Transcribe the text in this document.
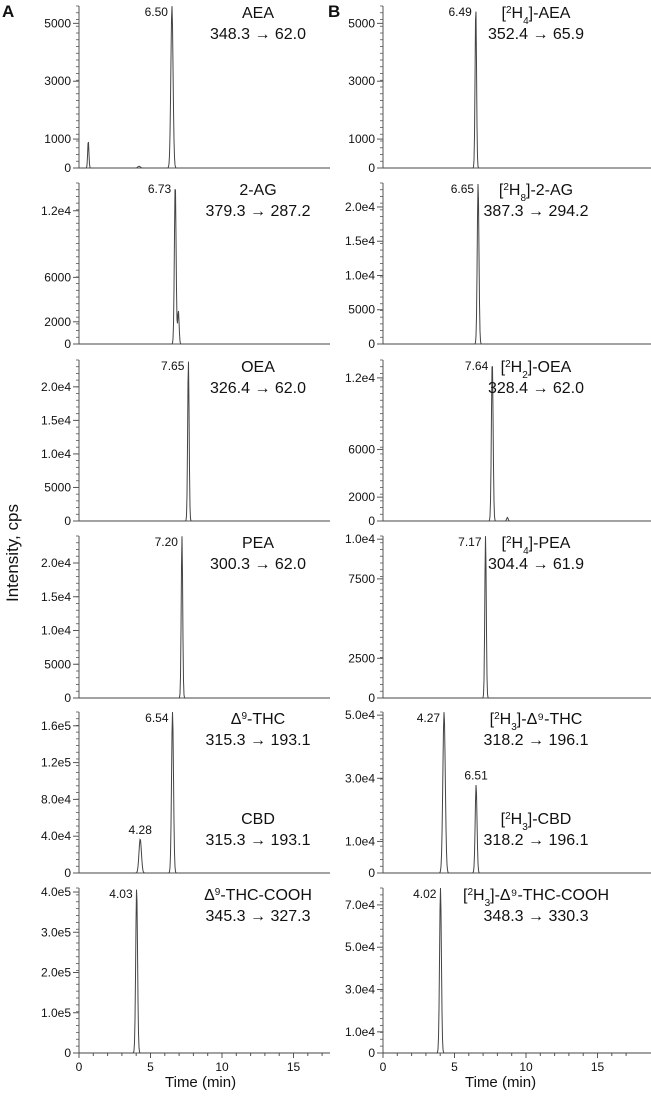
A	B
Intensity, cps
Time (min)	Time (min)
0
1000
3000
5000
6.50	AEA
348.3 → 62.0
0
1000
3000
5000
6.49 $[^2H_4]$-AEA
352.4 → 65.9
0
2000
6000
1.2e4
6.73	2-AG
379.3 → 287.2
0
5000
1.0e4
1.5e4
2.0e4
6.65 $[^2H_8]-2-AG$
387.3 → 294.2
0
5000
1.0e4
1.5e4
2.0e4
7.65	OEA
326.4 → 62.0
0
2000
6000
1.2e4
7.64 $[^2H_2]$-OEA
328.4 → 62.0
0
5000
1.0e4
1.5e4
2.0e4
7.20	PEA
300.3 → 62.0
0
2500
7500
1.0e4	7.17 $[^2H_4]$-PEA
304.4 → 61.9
0
4.0e4
8.0e4
1.2e5
1.6e5
6.54
4.28
$\Delta^9$-THC
315.3 → 193.1
CBD
315.3 → 193.1
0
1.0e4
3.0e4
5.0e4	4.27
6.51
$[^2H_3]-\Delta^9$-THC
318.2 → 196.1
$[^2H_3]$-CBD
318.2 → 196.1
0
1.0e5
2.0e5
3.0e5
4.0e5
0	5	10	15
4.03	$\Delta^9-THC$-COOH
345.3 → 327.3
0
1.0e4
3.0e4
5.0e4
7.0e4
0	5	10	15
4.02 $[^2H_3]-\Delta^9-THC$-COOH
348.3 → 330.3
